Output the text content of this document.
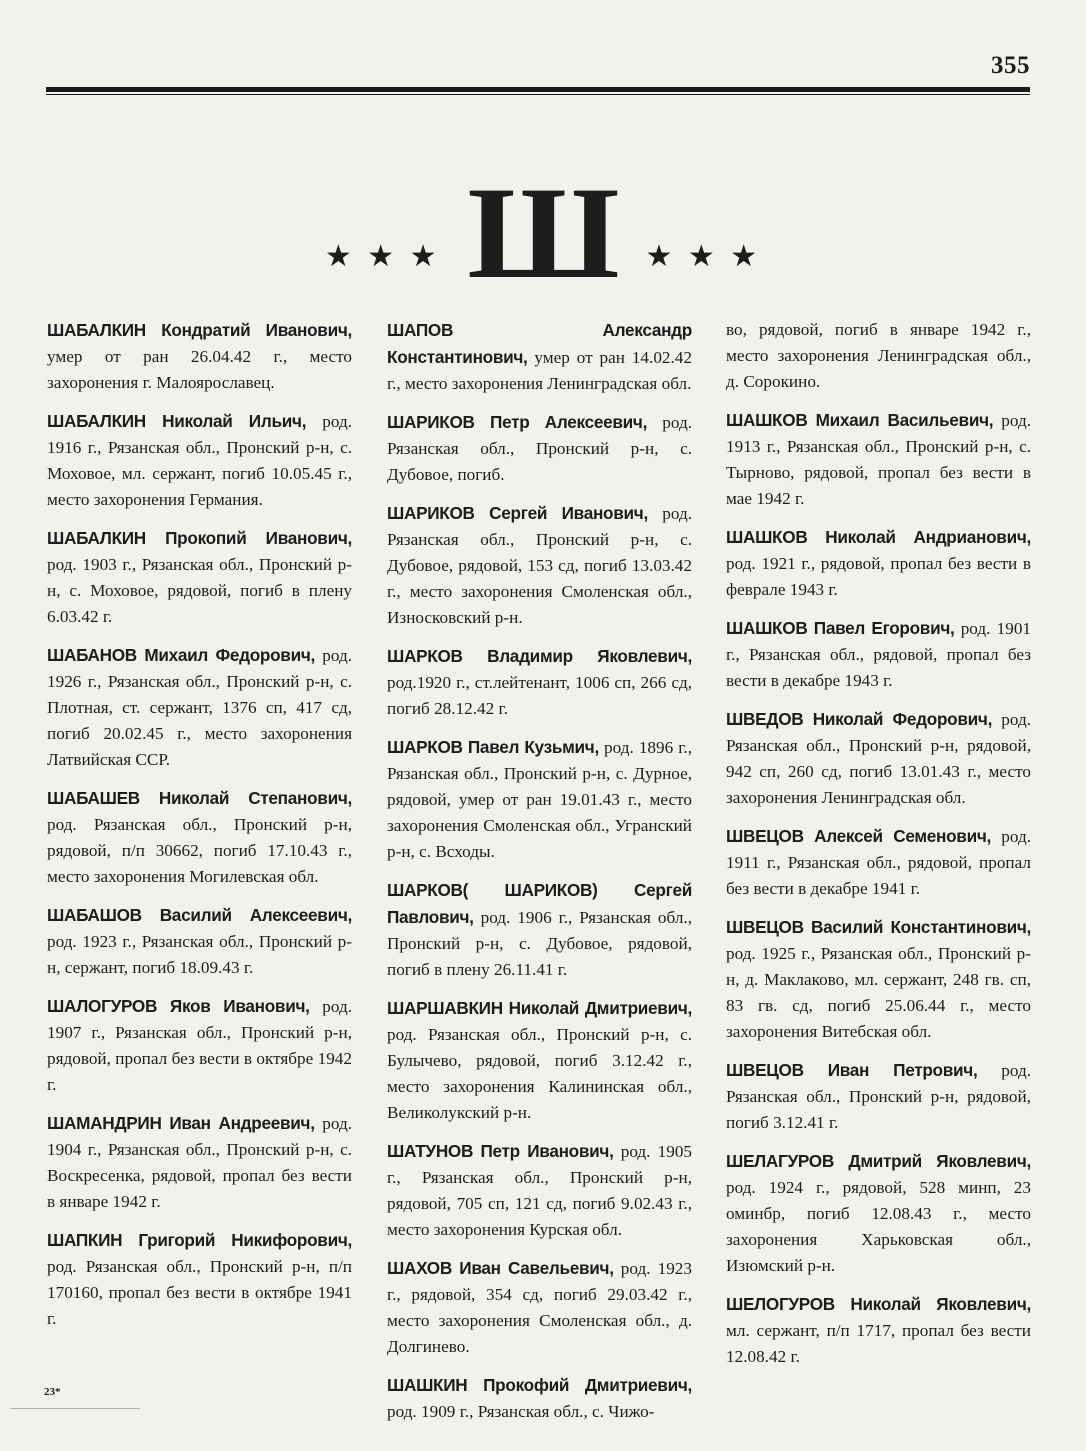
355
★ ★ ★ Ш ★ ★ ★

ШАБАЛКИН Кондратий Иванович, умер от ран 26.04.42 г., место захоронения г. Малоярославец.

ШАБАЛКИН Николай Ильич, род. 1916 г., Рязанская обл., Пронский р-н, с. Моховое, мл. сержант, погиб 10.05.45 г., место захоронения Германия.

ШАБАЛКИН Прокопий Иванович, род. 1903 г., Рязанская обл., Пронский р-н, с. Моховое, рядовой, погиб в плену 6.03.42 г.

ШАБАНОВ Михаил Федорович, род. 1926 г., Рязанская обл., Пронский р-н, с. Плотная, ст. сержант, 1376 сп, 417 сд, погиб 20.02.45 г., место захоронения Латвийская ССР.

ШАБАШЕВ Николай Степанович, род. Рязанская обл., Пронский р-н, рядовой, п/п 30662, погиб 17.10.43 г., место захоронения Могилевская обл.

ШАБАШОВ Василий Алексеевич, род. 1923 г., Рязанская обл., Пронский р-н, сержант, погиб 18.09.43 г.

ШАЛОГУРОВ Яков Иванович, род. 1907 г., Рязанская обл., Пронский р-н, рядовой, пропал без вести в октябре 1942 г.

ШАМАНДРИН Иван Андреевич, род. 1904 г., Рязанская обл., Пронский р-н, с. Воскресенка, рядовой, пропал без вести в январе 1942 г.

ШАПКИН Григорий Никифорович, род. Рязанская обл., Пронский р-н, п/п 170160, пропал без вести в октябре 1941 г.

ШАПОВ Александр Константинович, умер от ран 14.02.42 г., место захоронения Ленинградская обл.

ШАРИКОВ Петр Алексеевич, род. Рязанская обл., Пронский р-н, с. Дубовое, погиб.

ШАРИКОВ Сергей Иванович, род. Рязанская обл., Пронский р-н, с. Дубовое, рядовой, 153 сд, погиб 13.03.42 г., место захоронения Смоленская обл., Износковский р-н.

ШАРКОВ Владимир Яковлевич, род.1920 г., ст.лейтенант, 1006 сп, 266 сд, погиб 28.12.42 г.

ШАРКОВ Павел Кузьмич, род. 1896 г., Рязанская обл., Пронский р-н, с. Дурное, рядовой, умер от ран 19.01.43 г., место захоронения Смоленская обл., Угранский р-н, с. Всходы.

ШАРКОВ( ШАРИКОВ) Сергей Павлович, род. 1906 г., Рязанская обл., Пронский р-н, с. Дубовое, рядовой, погиб в плену 26.11.41 г.

ШАРШАВКИН Николай Дмитриевич, род. Рязанская обл., Пронский р-н, с. Булычево, рядовой, погиб 3.12.42 г., место захоронения Калининская обл., Великолукский р-н.

ШАТУНОВ Петр Иванович, род. 1905 г., Рязанская обл., Пронский р-н, рядовой, 705 сп, 121 сд, погиб 9.02.43 г., место захоронения Курская обл.

ШАХОВ Иван Савельевич, род. 1923 г., рядовой, 354 сд, погиб 29.03.42 г., место захоронения Смоленская обл., д. Долгинево.

ШАШКИН Прокофий Дмитриевич, род. 1909 г., Рязанская обл., с. Чижо-

во, рядовой, погиб в январе 1942 г., место захоронения Ленинградская обл., д. Сорокино.

ШАШКОВ Михаил Васильевич, род. 1913 г., Рязанская обл., Пронский р-н, с. Тырново, рядовой, пропал без вести в мае 1942 г.

ШАШКОВ Николай Андрианович, род. 1921 г., рядовой, пропал без вести в феврале 1943 г.

ШАШКОВ Павел Егорович, род. 1901 г., Рязанская обл., рядовой, пропал без вести в декабре 1943 г.

ШВЕДОВ Николай Федорович, род. Рязанская обл., Пронский р-н, рядовой, 942 сп, 260 сд, погиб 13.01.43 г., место захоронения Ленинградская обл.

ШВЕЦОВ Алексей Семенович, род. 1911 г., Рязанская обл., рядовой, пропал без вести в декабре 1941 г.

ШВЕЦОВ Василий Константинович, род. 1925 г., Рязанская обл., Пронский р-н, д. Маклаково, мл. сержант, 248 гв. сп, 83 гв. сд, погиб 25.06.44 г., место захоронения Витебская обл.

ШВЕЦОВ Иван Петрович, род. Рязанская обл., Пронский р-н, рядовой, погиб 3.12.41 г.

ШЕЛАГУРОВ Дмитрий Яковлевич, род. 1924 г., рядовой, 528 минп, 23 оминбр, погиб 12.08.43 г., место захоронения Харьковская обл., Изюмский р-н.

ШЕЛОГУРОВ Николай Яковлевич, мл. сержант, п/п 1717, пропал без вести 12.08.42 г.

23*
